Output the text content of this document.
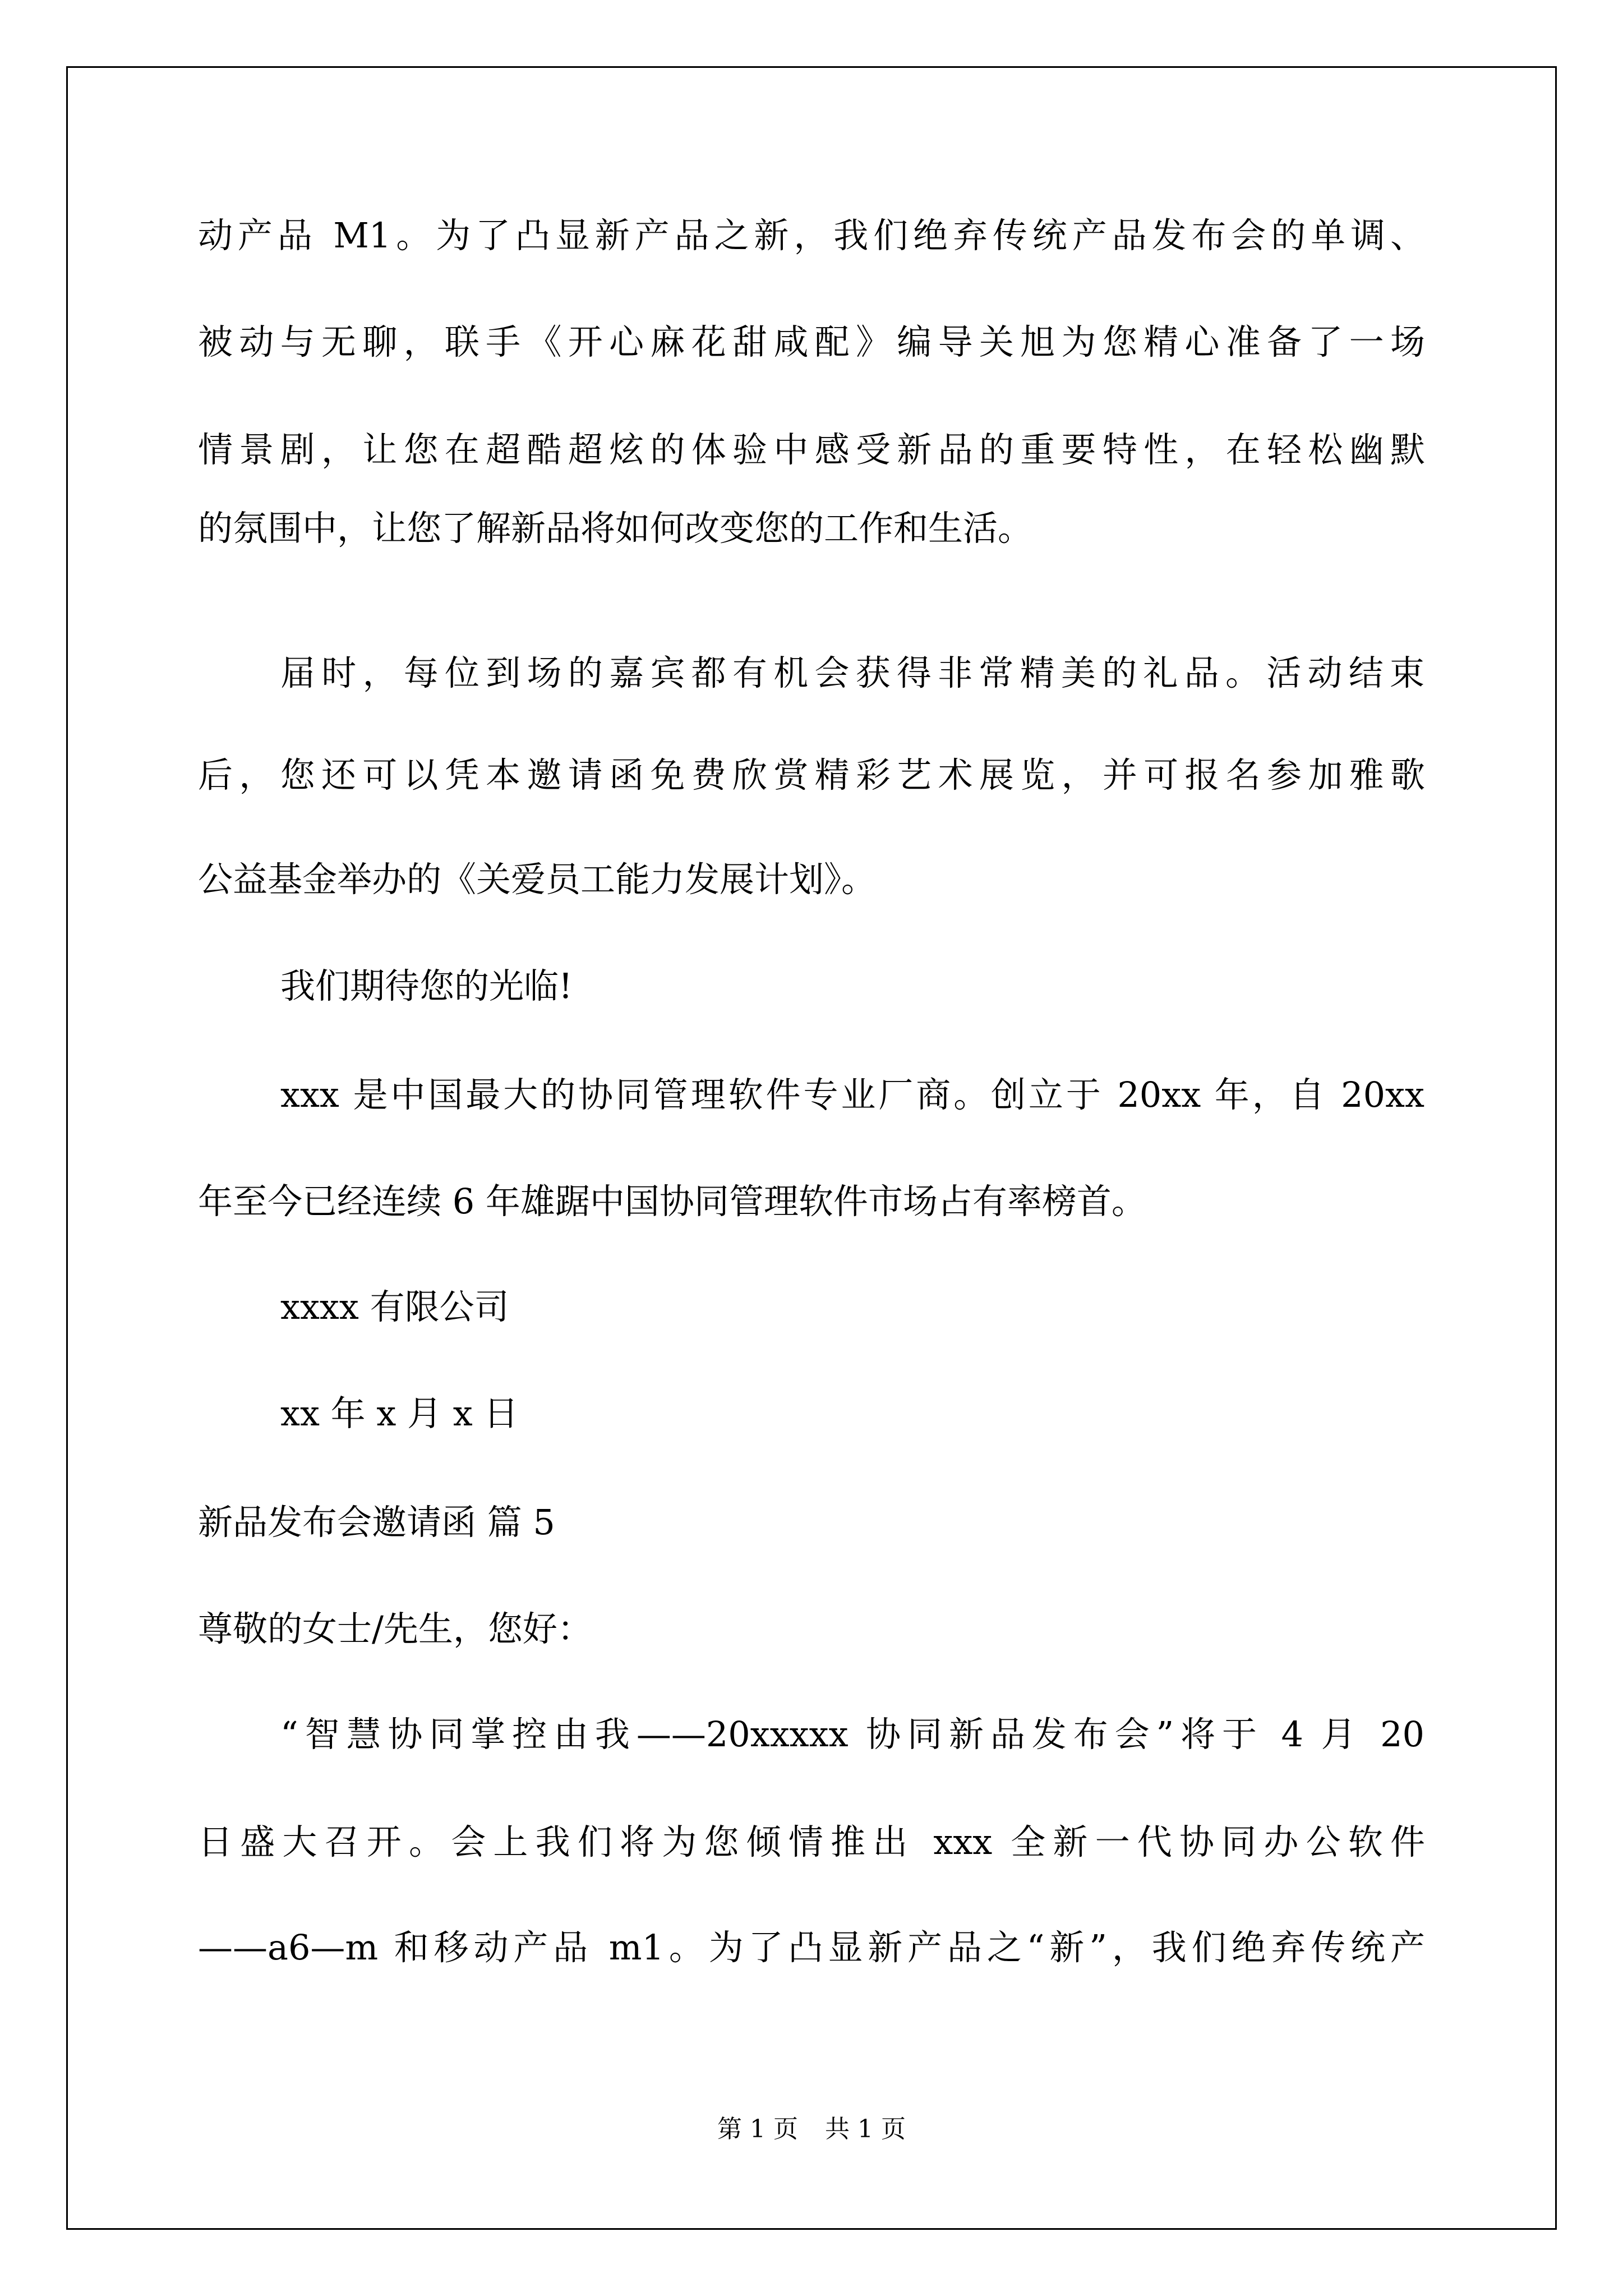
动产品 M1。为了凸显新产品之新，我们绝弃传统产品发布会的单调、
被动与无聊，联手《开心麻花甜咸配》编导关旭为您精心准备了一场
情景剧，让您在超酷超炫的体验中感受新品的重要特性，在轻松幽默
的氛围中，让您了解新品将如何改变您的工作和生活。
届时，每位到场的嘉宾都有机会获得非常精美的礼品。活动结束
后，您还可以凭本邀请函免费欣赏精彩艺术展览，并可报名参加雅歌
公益基金举办的《关爱员工能力发展计划》。
我们期待您的光临!
xxx 是中国最大的协同管理软件专业厂商。创立于 20xx 年，自 20xx
年至今已经连续 6 年雄踞中国协同管理软件市场占有率榜首。
xxxx 有限公司
xx 年 x 月 x 日
新品发布会邀请函 篇 5
尊敬的女士/先生，您好：
“智慧协同掌控由我——20xxxxx 协同新品发布会”将于 4 月 20
日盛大召开。会上我们将为您倾情推出 xxx 全新一代协同办公软件
——a6—m 和移动产品 m1。为了凸显新产品之“新”，我们绝弃传统产
第 1 页 共 1 页
